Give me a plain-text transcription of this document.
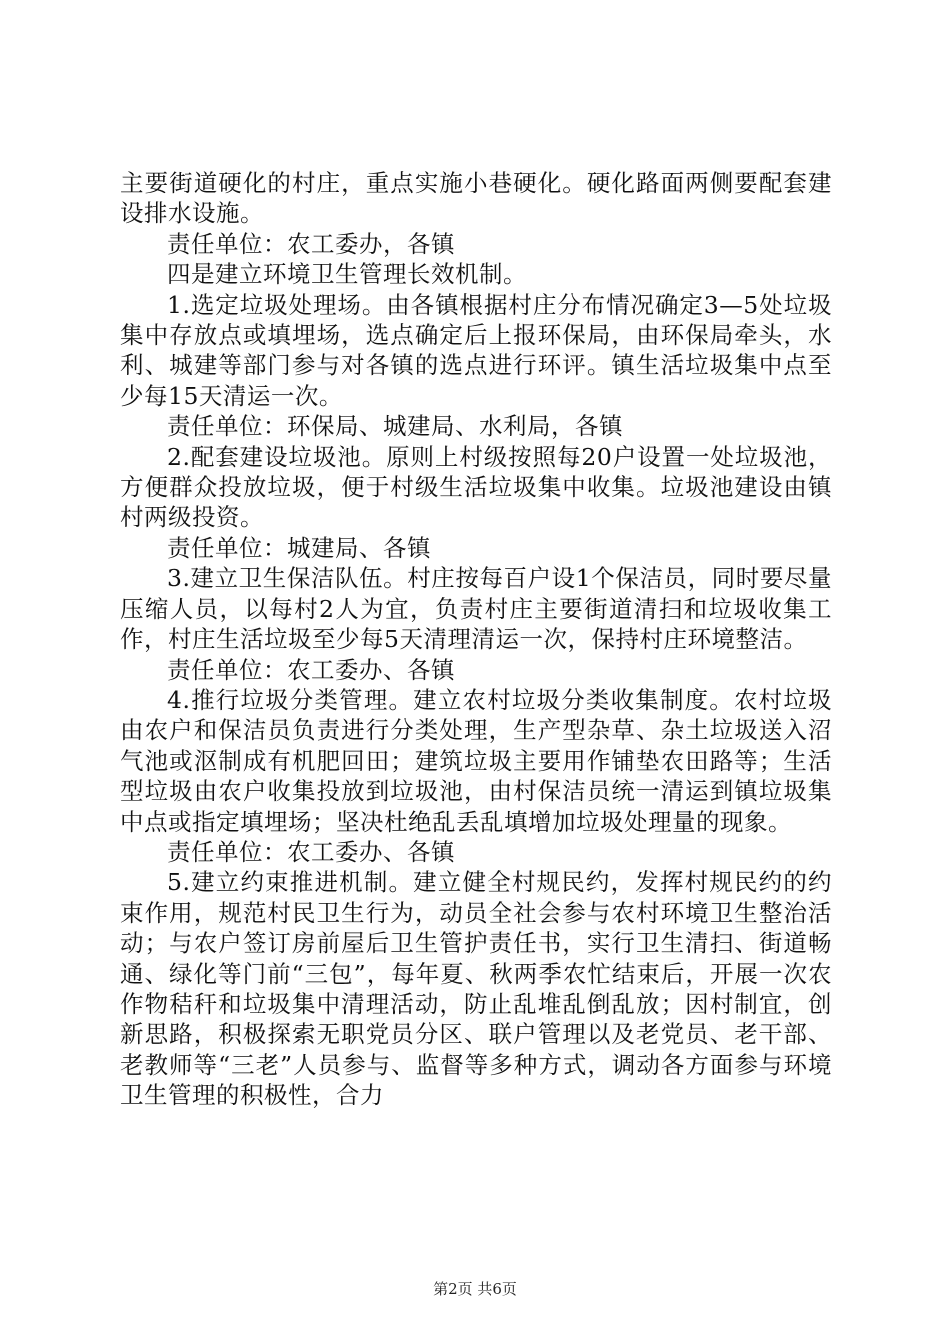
主要街道硬化的村庄，重点实施小巷硬化。硬化路面两侧要配套建设排水设施。

责任单位：农工委办，各镇

四是建立环境卫生管理长效机制。

1.选定垃圾处理场。由各镇根据村庄分布情况确定3—5处垃圾集中存放点或填埋场，选点确定后上报环保局，由环保局牵头，水利、城建等部门参与对各镇的选点进行环评。镇生活垃圾集中点至少每15天清运一次。

责任单位：环保局、城建局、水利局，各镇

2.配套建设垃圾池。原则上村级按照每20户设置一处垃圾池，方便群众投放垃圾，便于村级生活垃圾集中收集。垃圾池建设由镇村两级投资。

责任单位：城建局、各镇

3.建立卫生保洁队伍。村庄按每百户设1个保洁员，同时要尽量压缩人员，以每村2人为宜，负责村庄主要街道清扫和垃圾收集工作，村庄生活垃圾至少每5天清理清运一次，保持村庄环境整洁。

责任单位：农工委办、各镇

4.推行垃圾分类管理。建立农村垃圾分类收集制度。农村垃圾由农户和保洁员负责进行分类处理，生产型杂草、杂土垃圾送入沼气池或沤制成有机肥回田；建筑垃圾主要用作铺垫农田路等；生活型垃圾由农户收集投放到垃圾池，由村保洁员统一清运到镇垃圾集中点或指定填埋场；坚决杜绝乱丢乱填增加垃圾处理量的现象。

责任单位：农工委办、各镇

5.建立约束推进机制。建立健全村规民约，发挥村规民约的约束作用，规范村民卫生行为，动员全社会参与农村环境卫生整治活动；与农户签订房前屋后卫生管护责任书，实行卫生清扫、街道畅通、绿化等门前“三包”，每年夏、秋两季农忙结束后，开展一次农作物秸秆和垃圾集中清理活动，防止乱堆乱倒乱放；因村制宜，创新思路，积极探索无职党员分区、联户管理以及老党员、老干部、老教师等“三老”人员参与、监督等多种方式，调动各方面参与环境卫生管理的积极性，合力

第2页 共6页
